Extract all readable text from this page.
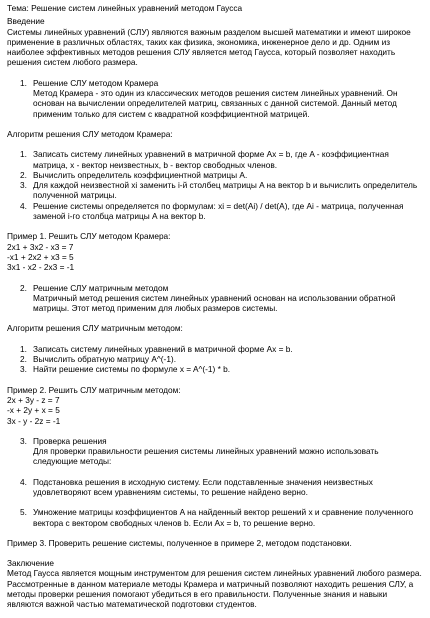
Тема: Решение систем линейных уравнений методом Гаусса

Введение

Системы линейных уравнений (СЛУ) являются важным разделом высшей математики и имеют широкое применение в различных областях, таких как физика, экономика, инженерное дело и др. Одним из наиболее эффективных методов решения СЛУ является метод Гаусса, который позволяет находить решения систем любого размера.

1. Решение СЛУ методом Крамера

Метод Крамера - это один из классических методов решения систем линейных уравнений. Он основан на вычислении определителей матриц, связанных с данной системой. Данный метод применим только для систем с квадратной коэффициентной матрицей.

Алгоритм решения СЛУ методом Крамера:

1. Записать систему линейных уравнений в матричной форме Ax = b, где A - коэффициентная матрица, x - вектор неизвестных, b - вектор свободных членов.
2. Вычислить определитель коэффициентной матрицы A.
3. Для каждой неизвестной xi заменить i-й столбец матрицы A на вектор b и вычислить определитель полученной матрицы.
4. Решение системы определяется по формулам: xi = det(Ai) / det(A), где Ai - матрица, полученная заменой i-го столбца матрицы A на вектор b.

Пример 1. Решить СЛУ методом Крамера:

2x1 + 3x2 - x3 = 7

-x1 + 2x2 + x3 = 5

3x1 - x2 - 2x3 = -1

2. Решение СЛУ матричным методом

Матричный метод решения систем линейных уравнений основан на использовании обратной матрицы. Этот метод применим для любых размеров системы.

Алгоритм решения СЛУ матричным методом:

1. Записать систему линейных уравнений в матричной форме Ax = b.
2. Вычислить обратную матрицу A^(-1).
3. Найти решение системы по формуле x = A^(-1) * b.

Пример 2. Решить СЛУ матричным методом:

2x + 3y - z = 7

-x + 2y + x = 5

3x - y - 2z = -1

3. Проверка решения

Для проверки правильности решения системы линейных уравнений можно использовать следующие методы:

4. Подстановка решения в исходную систему. Если подставленные значения неизвестных удовлетворяют всем уравнениям системы, то решение найдено верно.

5. Умножение матрицы коэффициентов A на найденный вектор решений x и сравнение полученного вектора с вектором свободных членов b. Если Ax = b, то решение верно.

Пример 3. Проверить решение системы, полученное в примере 2, методом подстановки.

Заключение

Метод Гаусса является мощным инструментом для решения систем линейных уравнений любого размера. Рассмотренные в данном материале методы Крамера и матричный позволяют находить решения СЛУ, а методы проверки решения помогают убедиться в его правильности. Полученные знания и навыки являются важной частью математической подготовки студентов.
